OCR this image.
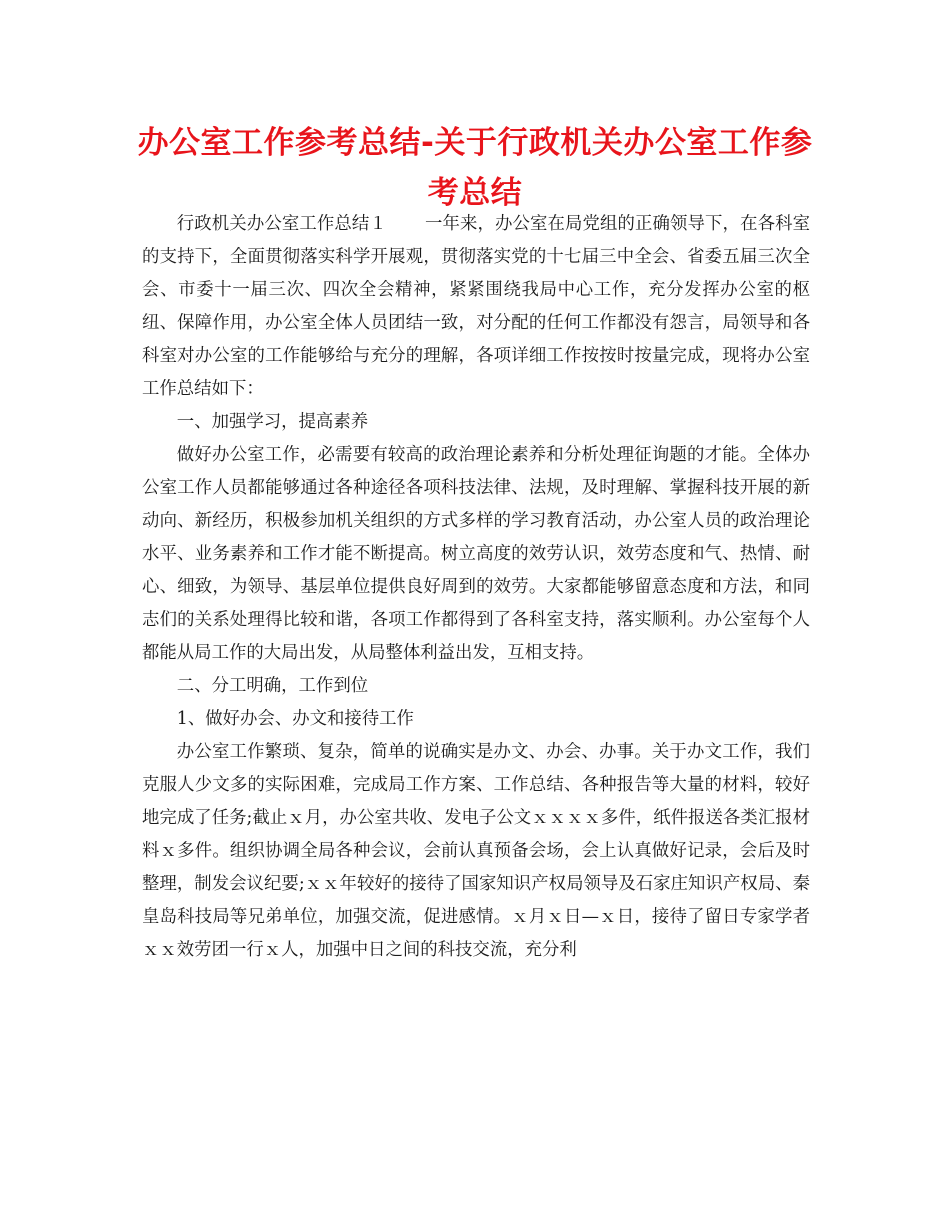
办公室工作参考总结-关于行政机关办公室工作参考总结

行政机关办公室工作总结１ 一年来，办公室在局党组的正确领导下，在各科室的支持下，全面贯彻落实科学开展观，贯彻落实党的十七届三中全会、省委五届三次全会、市委十一届三次、四次全会精神，紧紧围绕我局中心工作，充分发挥办公室的枢纽、保障作用，办公室全体人员团结一致，对分配的任何工作都没有怨言，局领导和各科室对办公室的工作能够给与充分的理解，各项详细工作按按时按量完成，现将办公室工作总结如下：

一、加强学习，提高素养

做好办公室工作，必需要有较高的政治理论素养和分析处理征询题的才能。全体办公室工作人员都能够通过各种途径各项科技法律、法规，及时理解、掌握科技开展的新动向、新经历，积极参加机关组织的方式多样的学习教育活动，办公室人员的政治理论水平、业务素养和工作才能不断提高。树立高度的效劳认识，效劳态度和气、热情、耐心、细致，为领导、基层单位提供良好周到的效劳。大家都能够留意态度和方法，和同志们的关系处理得比较和谐，各项工作都得到了各科室支持，落实顺利。办公室每个人都能从局工作的大局出发，从局整体利益出发，互相支持。

二、分工明确，工作到位

1、做好办会、办文和接待工作

办公室工作繁琐、复杂，简单的说确实是办文、办会、办事。关于办文工作，我们克服人少文多的实际困难，完成局工作方案、工作总结、各种报告等大量的材料，较好地完成了任务;截止ｘ月，办公室共收、发电子公文ｘｘｘｘ多件，纸件报送各类汇报材料ｘ多件。组织协调全局各种会议，会前认真预备会场，会上认真做好记录，会后及时整理，制发会议纪要;ｘｘ年较好的接待了国家知识产权局领导及石家庄知识产权局、秦皇岛科技局等兄弟单位，加强交流，促进感情。ｘ月ｘ日—ｘ日，接待了留日专家学者ｘｘ效劳团一行ｘ人，加强中日之间的科技交流，充分利
